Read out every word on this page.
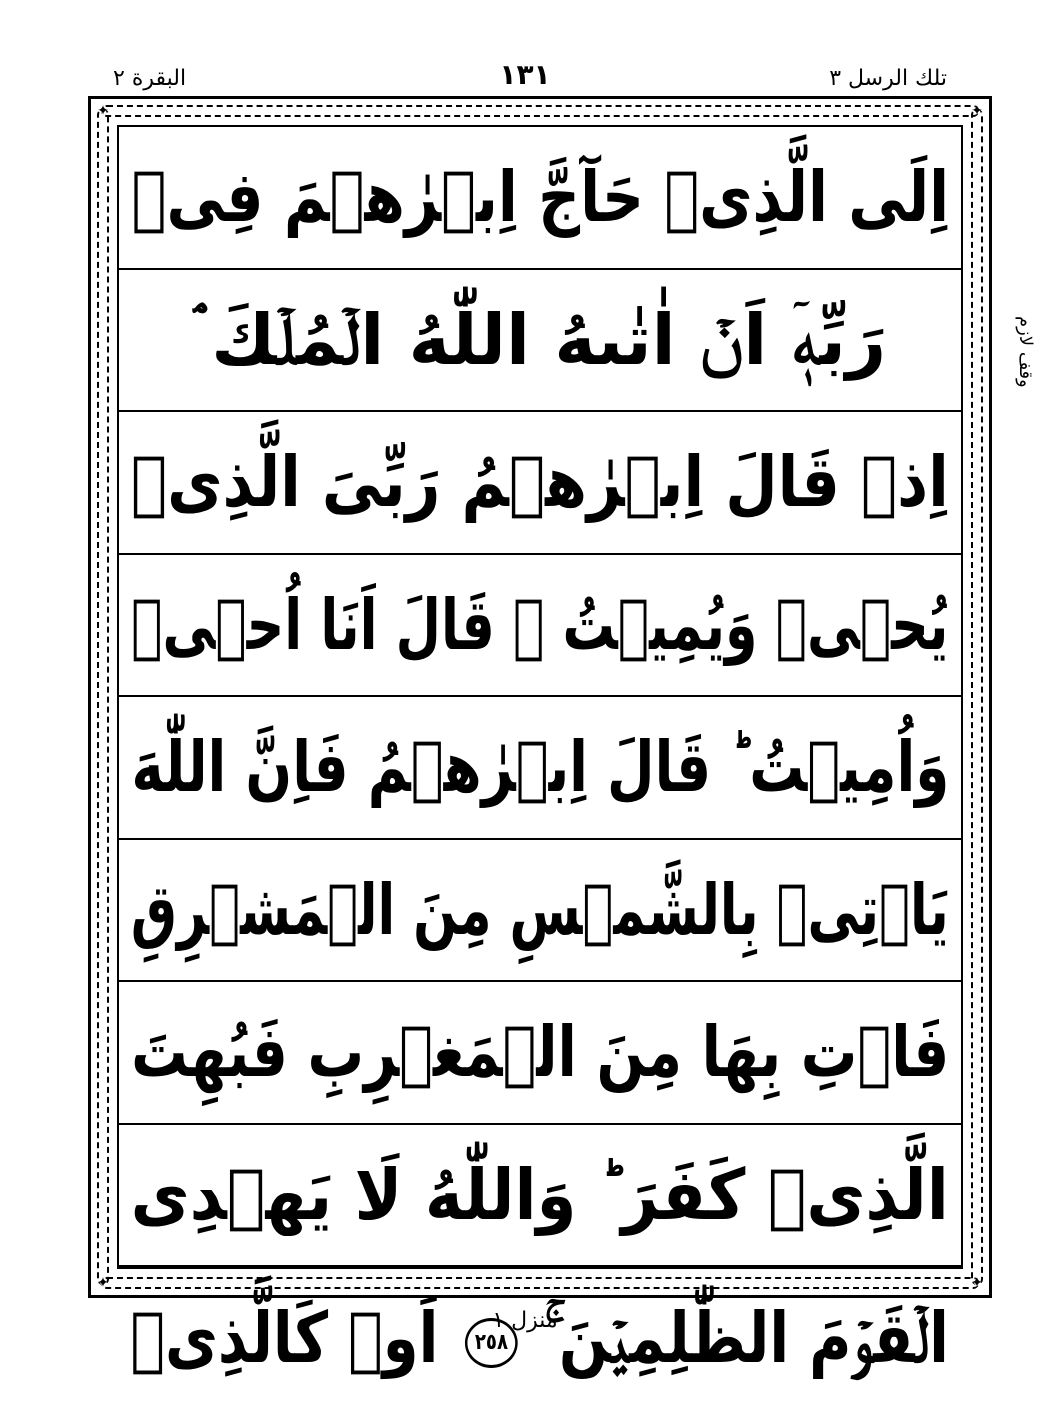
البقرة ٢	١٣١	تلك الرسل ٣
✦	✦
✦	✦
اِلَى الَّذِىۡ حَآجَّ اِبۡرٰهٖمَ فِىۡ
رَبِّهٖۤ اَنۡ اٰتٰٮهُ اللّٰهُ الۡمُلۡكَ ۘ
اِذۡ قَالَ اِبۡرٰهٖمُ رَبِّىَ الَّذِىۡ
يُحۡىٖ وَيُمِيۡتُ ۙ قَالَ اَنَا اُحۡىٖ
وَاُمِيۡتُ ‌ؕ قَالَ اِبۡرٰهٖمُ فَاِنَّ اللّٰهَ
يَاۡتِىۡ بِالشَّمۡسِ مِنَ الۡمَشۡرِقِ
فَاۡتِ بِهَا مِنَ الۡمَغۡرِبِ فَبُهِتَ
الَّذِىۡ كَفَرَ ‌ؕ وَاللّٰهُ لَا يَهۡدِى
الۡقَوۡمَ الظّٰلِمِيۡنَ ۚ ٢٥٨ اَوۡ كَالَّذِىۡ
وقف لازم
منزل ١
